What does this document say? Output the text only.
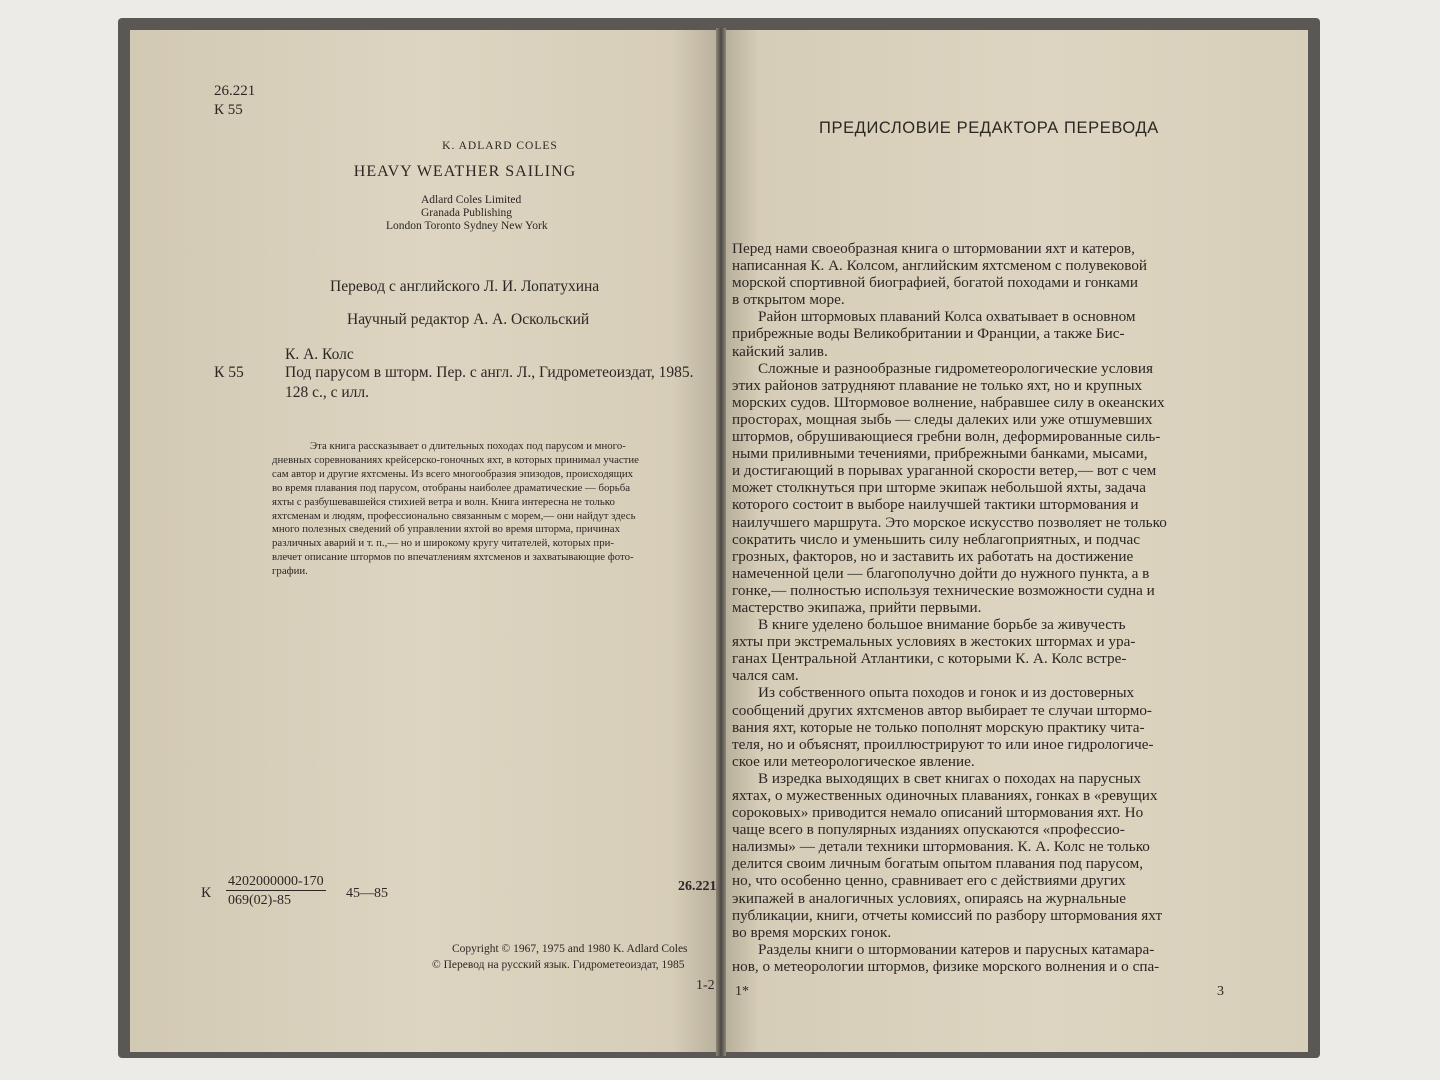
26.221
К 55
K. ADLARD COLES
HEAVY WEATHER SAILING
Adlard Coles Limited
Granada Publishing
London Toronto Sydney New York
Перевод с английского Л. И. Лопатухина
Научный редактор А. А. Оскольский
К. А. Колс
К 55	Под парусом в шторм. Пер. с англ. Л., Гидрометеоиздат, 1985.
128 с., с илл.
Эта книга рассказывает о длительных походах под парусом и много-
дневных соревнованиях крейсерско-гоночных яхт, в которых принимал участие
сам автор и другие яхтсмены. Из всего многообразия эпизодов, происходящих
во время плавания под парусом, отобраны наиболее драматические — борьба
яхты с разбушевавшейся стихией ветра и волн. Книга интересна не только
яхтсменам и людям, профессионально связанным с морем,— они найдут здесь
много полезных сведений об управлении яхтой во время шторма, причинах
различных аварий и т. п.,— но и широкому кругу читателей, которых при-
влечет описание штормов по впечатлениям яхтсменов и захватывающие фото-
графии.
К $\frac{4202000000-170}{069(02)-85}$ 45—85	26.221
Copyright © 1967, 1975 and 1980 K. Adlard Coles
© Перевод на русский язык. Гидрометеоиздат, 1985
1-2
ПРЕДИСЛОВИЕ РЕДАКТОРА ПЕРЕВОДА
Перед нами своеобразная книга о штормовании яхт и катеров,
написанная К. А. Колсом, английским яхтсменом с полувековой
морской спортивной биографией, богатой походами и гонками
в открытом море.
Район штормовых плаваний Колса охватывает в основном
прибрежные воды Великобритании и Франции, а также Бис-
кайский залив.
Сложные и разнообразные гидрометеорологические условия
этих районов затрудняют плавание не только яхт, но и крупных
морских судов. Штормовое волнение, набравшее силу в океанских
просторах, мощная зыбь — следы далеких или уже отшумевших
штормов, обрушивающиеся гребни волн, деформированные силь-
ными приливными течениями, прибрежными банками, мысами,
и достигающий в порывах ураганной скорости ветер,— вот с чем
может столкнуться при шторме экипаж небольшой яхты, задача
которого состоит в выборе наилучшей тактики штормования и
наилучшего маршрута. Это морское искусство позволяет не только
сократить число и уменьшить силу неблагоприятных, и подчас
грозных, факторов, но и заставить их работать на достижение
намеченной цели — благополучно дойти до нужного пункта, а в
гонке,— полностью используя технические возможности судна и
мастерство экипажа, прийти первыми.
В книге уделено большое внимание борьбе за живучесть
яхты при экстремальных условиях в жестоких штормах и ура-
ганах Центральной Атлантики, с которыми К. А. Колс встре-
чался сам.
Из собственного опыта походов и гонок и из достоверных
сообщений других яхтсменов автор выбирает те случаи штормо-
вания яхт, которые не только пополнят морскую практику чита-
теля, но и объяснят, проиллюстрируют то или иное гидрологиче-
ское или метеорологическое явление.
В изредка выходящих в свет книгах о походах на парусных
яхтах, о мужественных одиночных плаваниях, гонках в «ревущих
сороковых» приводится немало описаний штормования яхт. Но
чаще всего в популярных изданиях опускаются «профессио-
нализмы» — детали техники штормования. К. А. Колс не только
делится своим личным богатым опытом плавания под парусом,
но, что особенно ценно, сравнивает его с действиями других
экипажей в аналогичных условиях, опираясь на журнальные
публикации, книги, отчеты комиссий по разбору штормования яхт
во время морских гонок.
Разделы книги о штормовании катеров и парусных катамара-
нов, о метеорологии штормов, физике морского волнения и о спа-
1*	3
